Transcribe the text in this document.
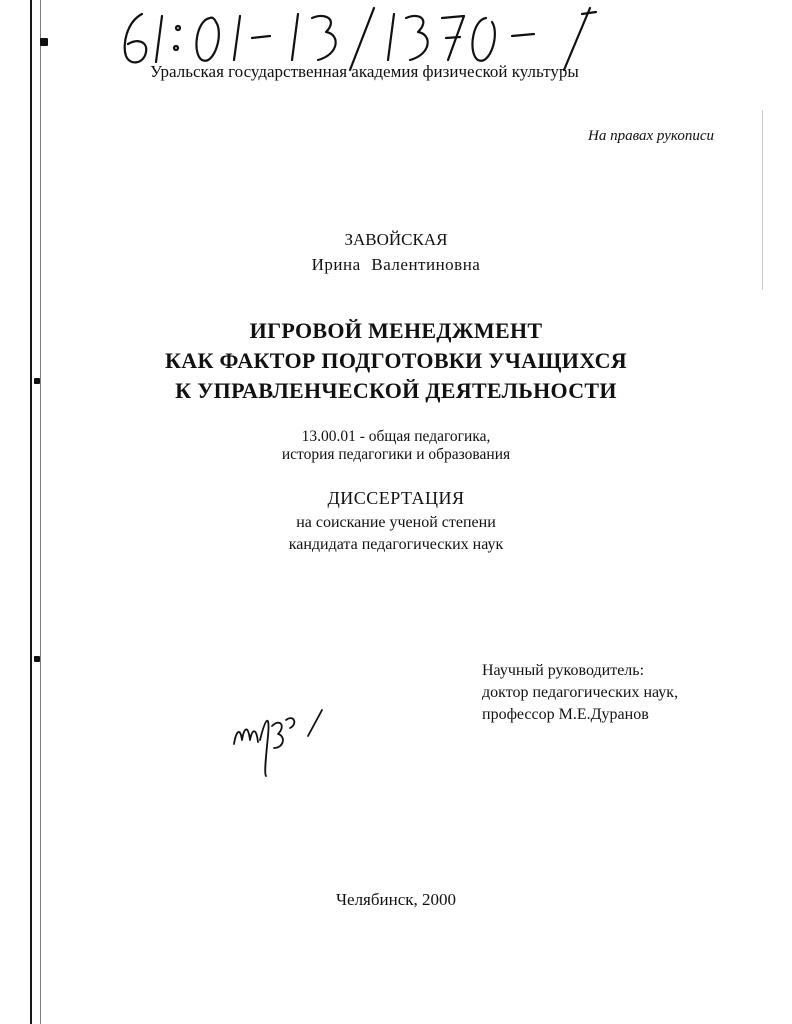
Уральская государственная академия физической культуры
На правах рукописи
ЗАВОЙСКАЯ
Ирина Валентиновна
ИГРОВОЙ МЕНЕДЖМЕНТ
КАК ФАКТОР ПОДГОТОВКИ УЧАЩИХСЯ
К УПРАВЛЕНЧЕСКОЙ ДЕЯТЕЛЬНОСТИ
13.00.01 - общая педагогика,
история педагогики и образования
ДИССЕРТАЦИЯ
на соискание ученой степени
кандидата педагогических наук
Научный руководитель:
доктор педагогических наук,
профессор М.Е.Дуранов
Челябинск, 2000
